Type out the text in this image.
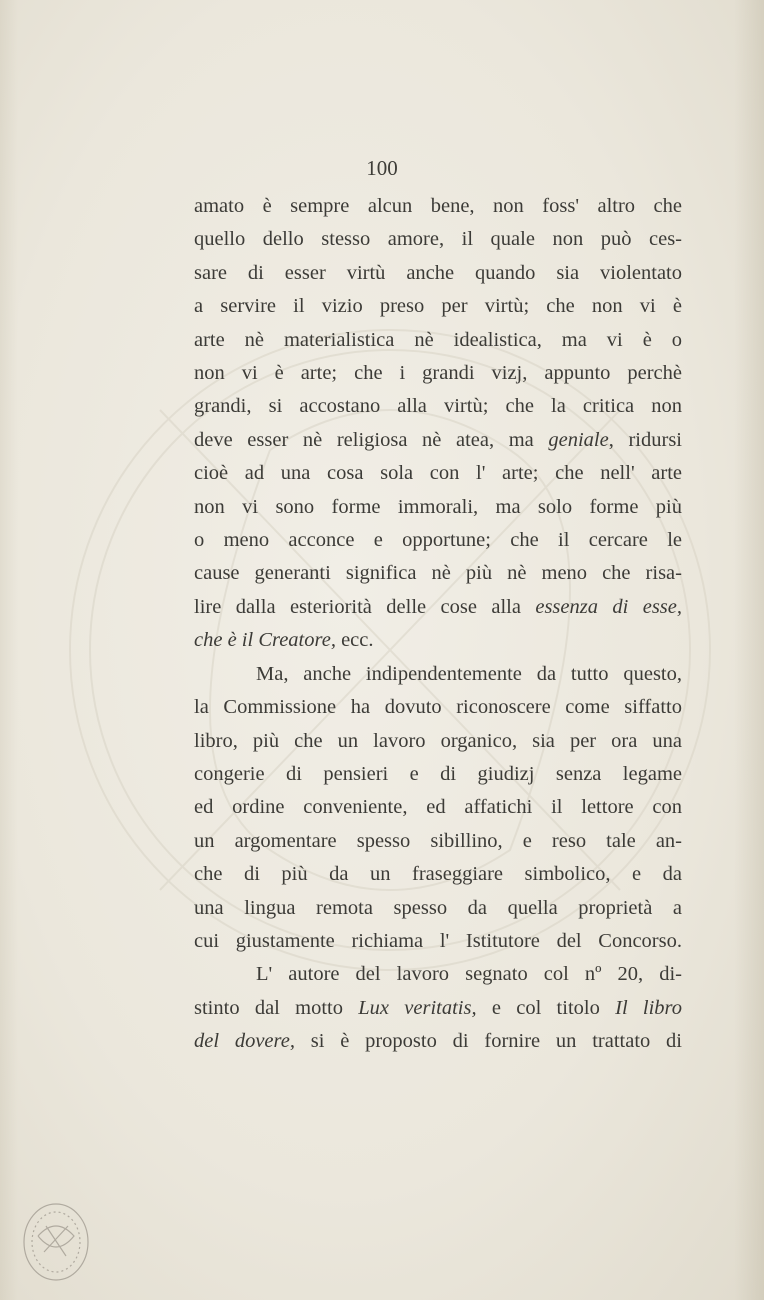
100
amato è sempre alcun bene, non foss' altro che
quello dello stesso amore, il quale non può ces-
sare di esser virtù anche quando sia violentato
a servire il vizio preso per virtù; che non vi è
arte nè materialistica nè idealistica, ma vi è o
non vi è arte; che i grandi vizj, appunto perchè
grandi, si accostano alla virtù; che la critica non
deve esser nè religiosa nè atea, ma geniale, ridursi
cioè ad una cosa sola con l' arte; che nell' arte
non vi sono forme immorali, ma solo forme più
o meno acconce e opportune; che il cercare le
cause generanti significa nè più nè meno che risa-
lire dalla esteriorità delle cose alla essenza di esse,
che è il Creatore, ecc.
Ma, anche indipendentemente da tutto questo,
la Commissione ha dovuto riconoscere come siffatto
libro, più che un lavoro organico, sia per ora una
congerie di pensieri e di giudizj senza legame
ed ordine conveniente, ed affatichi il lettore con
un argomentare spesso sibillino, e reso tale an-
che di più da un fraseggiare simbolico, e da
una lingua remota spesso da quella proprietà a
cui giustamente richiama l' Istitutore del Concorso.
L' autore del lavoro segnato col nº 20, di-
stinto dal motto Lux veritatis, e col titolo Il libro
del dovere, si è proposto di fornire un trattato di
